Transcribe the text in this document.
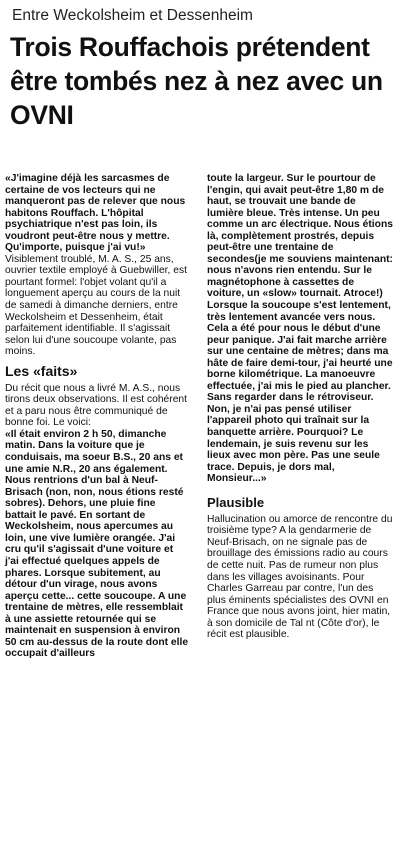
Entre Weckolsheim et Dessenheim
Trois Rouffachois prétendent être tombés nez à nez avec un OVNI

«J'imagine déjà les sarcasmes de certaine de vos lecteurs qui ne manqueront pas de relever que nous habitons Rouffach. L'hôpital psychiatrique n'est pas loin, ils voudront peut-être nous y mettre. Qu'importe, puisque j'ai vu!»

Visiblement troublé, M. A. S., 25 ans, ouvrier textile employé à Guebwiller, est pourtant formel: l'objet volant qu'il a longuement aperçu au cours de la nuit de samedi à dimanche derniers, entre Weckolsheim et Dessenheim, était parfaitement identifiable. Il s'agissait selon lui d'une soucoupe volante, pas moins.

Les «faits»

Du récit que nous a livré M. A.S., nous tirons deux observations. Il est cohérent et a paru nous être communiqué de bonne foi. Le voici:

«Il était environ 2 h 50, dimanche matin. Dans la voiture que je conduisais, ma soeur B.S., 20 ans et une amie N.R., 20 ans également. Nous rentrions d'un bal à Neuf-Brisach (non, non, nous étions resté sobres). Dehors, une pluie fine battait le pavé. En sortant de Weckolsheim, nous apercumes au loin, une vive lumière orangée. J'ai cru qu'il s'agissait d'une voiture et j'ai effectué quelques appels de phares. Lorsque subitement, au détour d'un virage, nous avons aperçu cette... cette soucoupe. A une trentaine de mètres, elle ressemblait à une assiette retournée qui se maintenait en suspension à environ 50 cm au-dessus de la route dont elle occupait d'ailleurs

toute la largeur. Sur le pourtour de l'engin, qui avait peut-être 1,80 m de haut, se trouvait une bande de lumière bleue. Très intense. Un peu comme un arc électrique. Nous étions là, complètement prostrés, depuis peut-être une trentaine de secondes(je me souviens maintenant: nous n'avons rien entendu. Sur le magnétophone à cassettes de voiture, un «slow» tournait. Atroce!) Lorsque la soucoupe s'est lentement, très lentement avancée vers nous. Cela a été pour nous le début d'une peur panique. J'ai fait marche arrière sur une centaine de mètres; dans ma hâte de faire demi-tour, j'ai heurté une borne kilométrique. La manoeuvre effectuée, j'ai mis le pied au plancher. Sans regarder dans le rétroviseur. Non, je n'ai pas pensé utiliser l'appareil photo qui traînait sur la banquette arrière. Pourquoi? Le lendemain, je suis revenu sur les lieux avec mon père. Pas une seule trace. Depuis, je dors mal, Monsieur...»

Plausible

Hallucination ou amorce de rencontre du troisième type? A la gendarmerie de Neuf-Brisach, on ne signale pas de brouillage des émissions radio au cours de cette nuit. Pas de rumeur non plus dans les villages avoisinants. Pour Charles Garreau par contre, l'un des plus éminents spécialistes des OVNI en France que nous avons joint, hier matin, à son domicile de Tal nt (Côte d'or), le récit est plausible.
